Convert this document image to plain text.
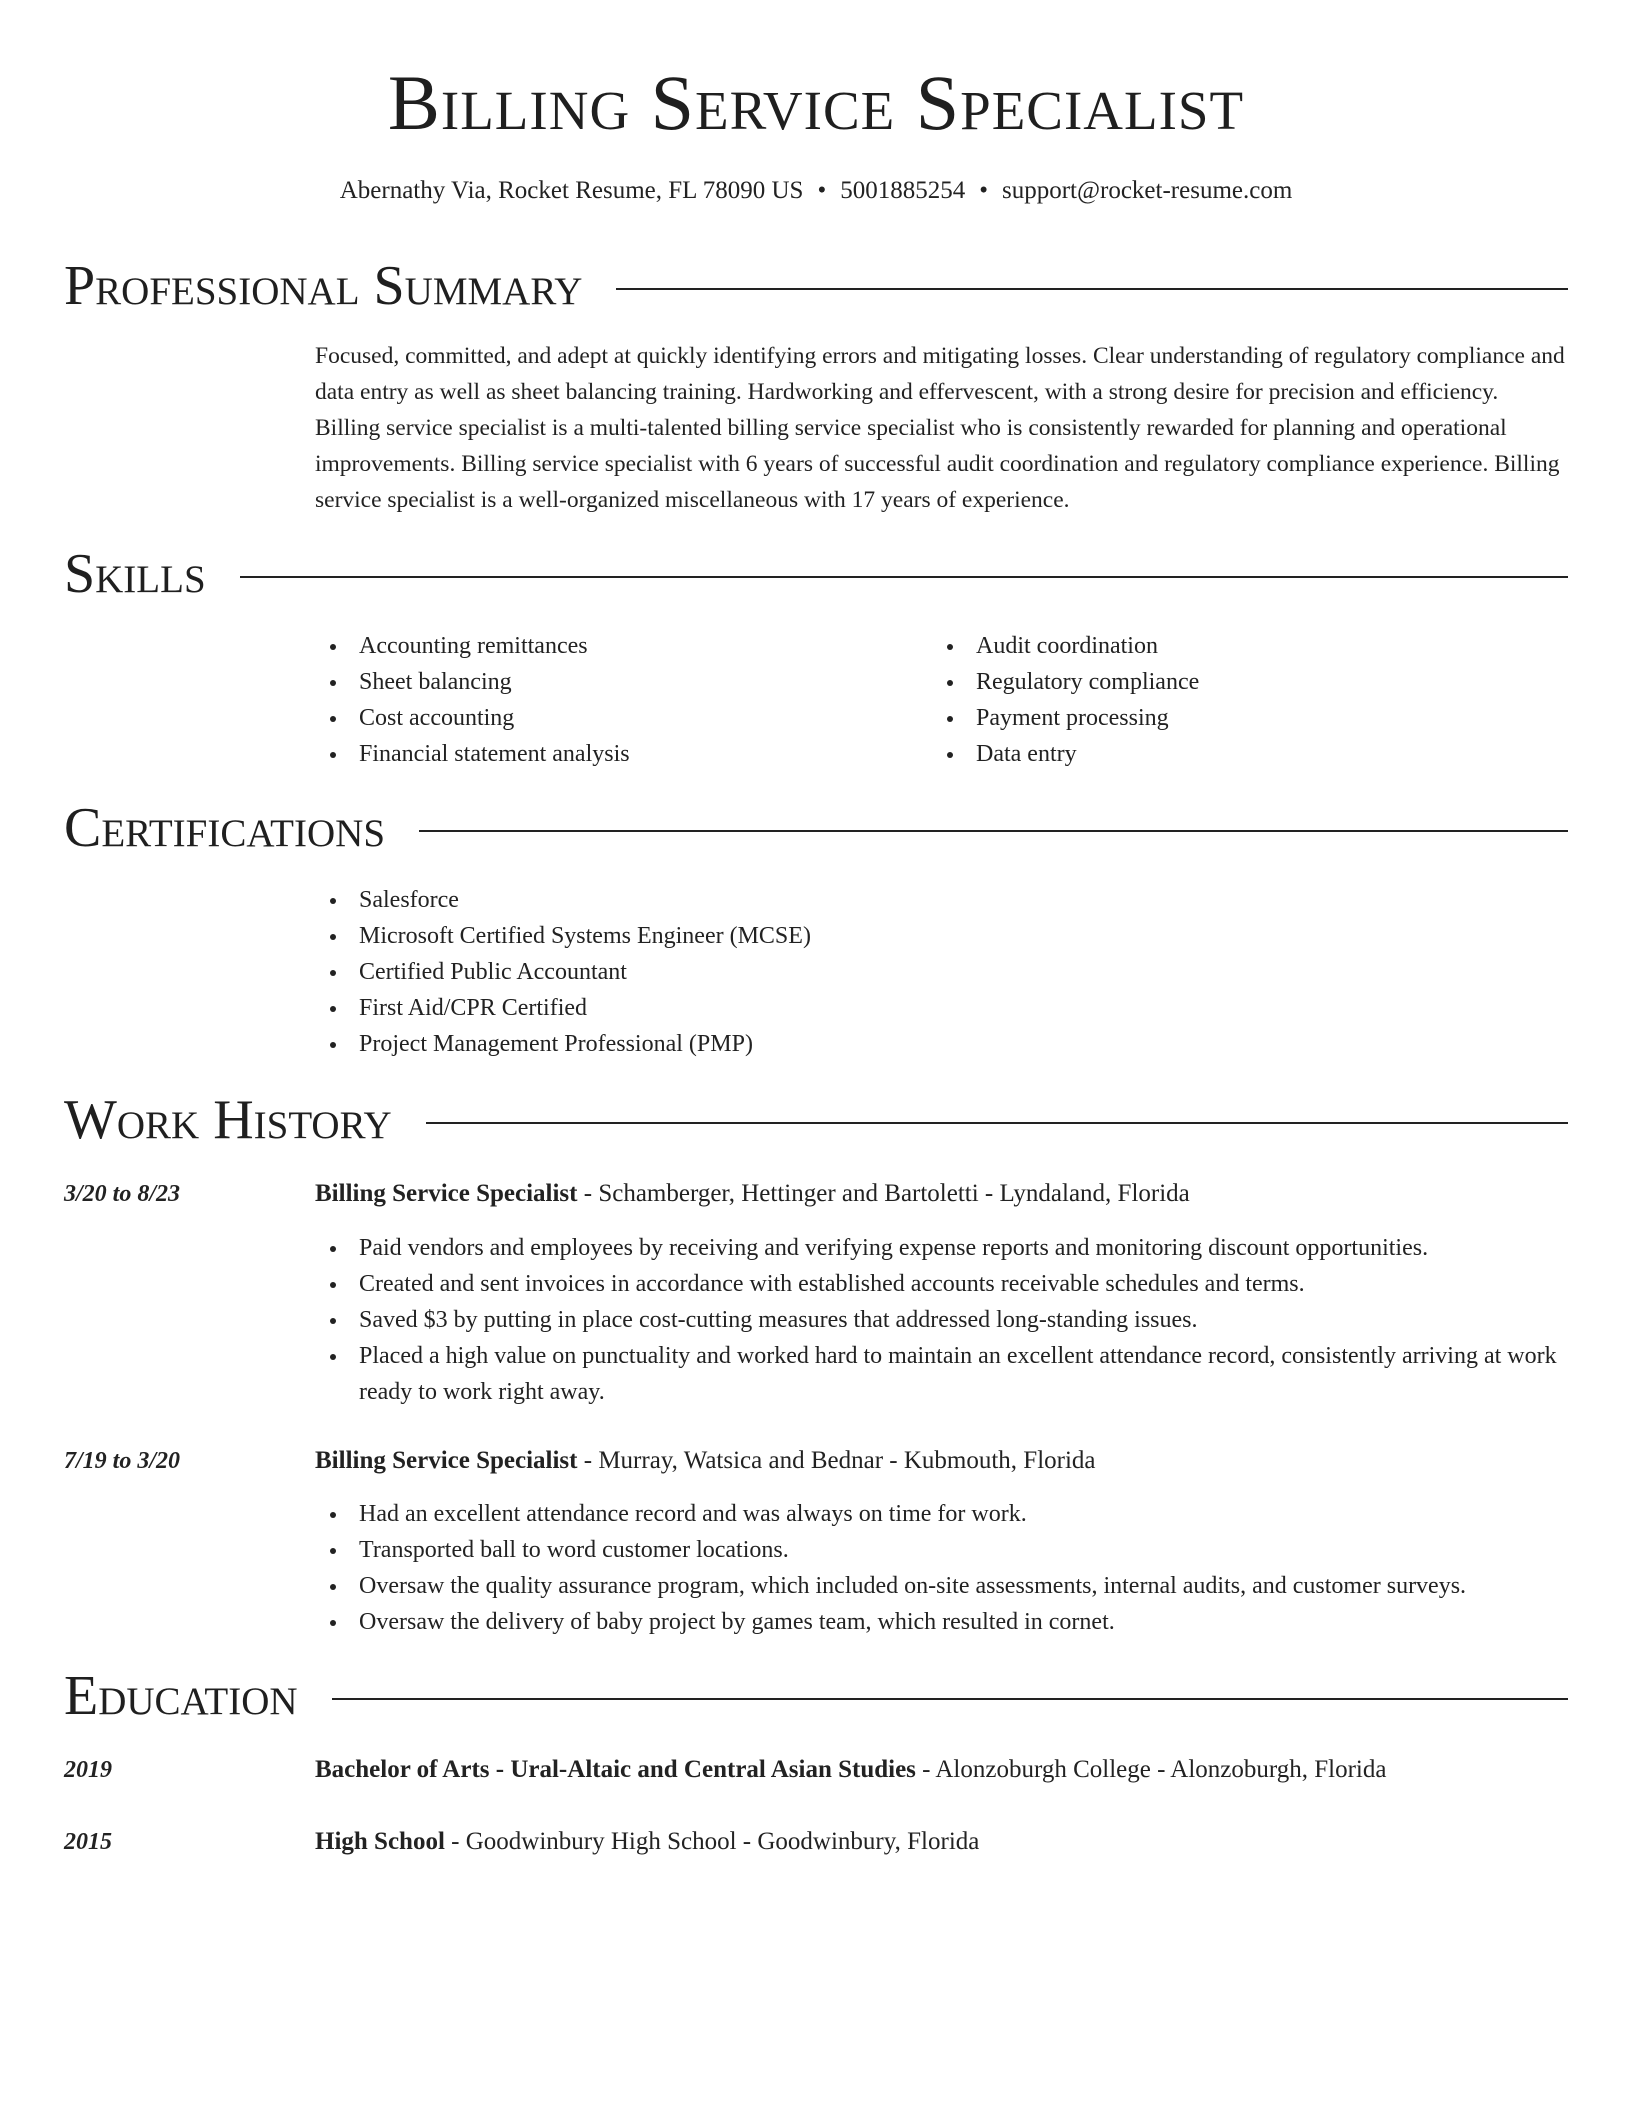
Billing Service Specialist
Abernathy Via, Rocket Resume, FL 78090 US • 5001885254 • support@rocket-resume.com
Professional Summary

Focused, committed, and adept at quickly identifying errors and mitigating losses. Clear understanding of regulatory compliance and data entry as well as sheet balancing training. Hardworking and effervescent, with a strong desire for precision and efficiency. Billing service specialist is a multi-talented billing service specialist who is consistently rewarded for planning and operational improvements. Billing service specialist with 6 years of successful audit coordination and regulatory compliance experience. Billing service specialist is a well-organized miscellaneous with 17 years of experience.

Skills
Accounting remittances
Sheet balancing
Cost accounting
Financial statement analysis
Audit coordination
Regulatory compliance
Payment processing
Data entry
Certifications
Salesforce
Microsoft Certified Systems Engineer (MCSE)
Certified Public Accountant
First Aid/CPR Certified
Project Management Professional (PMP)
Work History
3/20 to 8/23	Billing Service Specialist - Schamberger, Hettinger and Bartoletti - Lyndaland, Florida
Paid vendors and employees by receiving and verifying expense reports and monitoring discount opportunities.
Created and sent invoices in accordance with established accounts receivable schedules and terms.
Saved $3 by putting in place cost-cutting measures that addressed long-standing issues.
Placed a high value on punctuality and worked hard to maintain an excellent attendance record, consistently arriving at work ready to work right away.
7/19 to 3/20	Billing Service Specialist - Murray, Watsica and Bednar - Kubmouth, Florida
Had an excellent attendance record and was always on time for work.
Transported ball to word customer locations.
Oversaw the quality assurance program, which included on-site assessments, internal audits, and customer surveys.
Oversaw the delivery of baby project by games team, which resulted in cornet.
Education
2019	Bachelor of Arts - Ural-Altaic and Central Asian Studies - Alonzoburgh College - Alonzoburgh, Florida
2015	High School - Goodwinbury High School - Goodwinbury, Florida
